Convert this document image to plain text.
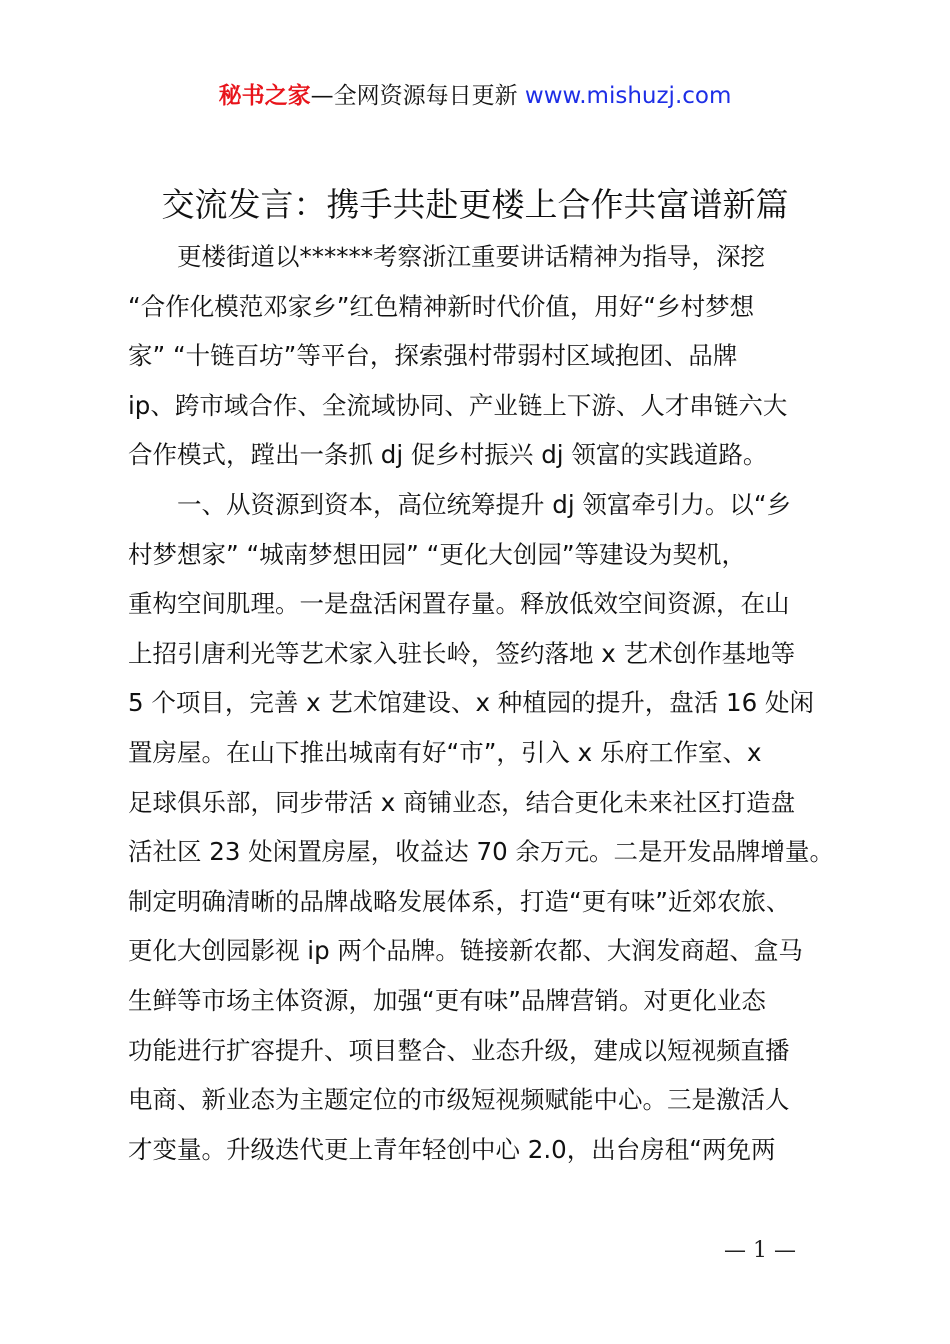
秘书之家—全网资源每日更新 www.mishuzj.com
交流发言：携手共赴更楼上合作共富谱新篇
更楼街道以******考察浙江重要讲话精神为指导，深挖
“合作化模范邓家乡”红色精神新时代价值，用好“乡村梦想
家” “十链百坊”等平台，探索强村带弱村区域抱团、品牌
ip、跨市域合作、全流域协同、产业链上下游、人才串链六大
合作模式，蹚出一条抓 dj 促乡村振兴 dj 领富的实践道路。
一、从资源到资本，高位统筹提升 dj 领富牵引力。以“乡
村梦想家” “城南梦想田园” “更化大创园”等建设为契机，
重构空间肌理。一是盘活闲置存量。释放低效空间资源，在山
上招引唐利光等艺术家入驻长岭，签约落地 x 艺术创作基地等
5 个项目，完善 x 艺术馆建设、x 种植园的提升，盘活 16 处闲
置房屋。在山下推出城南有好“市”，引入 x 乐府工作室、x
足球俱乐部，同步带活 x 商铺业态，结合更化未来社区打造盘
活社区 23 处闲置房屋，收益达 70 余万元。二是开发品牌增量。
制定明确清晰的品牌战略发展体系，打造“更有味”近郊农旅、
更化大创园影视 ip 两个品牌。链接新农都、大润发商超、盒马
生鲜等市场主体资源，加强“更有味”品牌营销。对更化业态
功能进行扩容提升、项目整合、业态升级，建成以短视频直播
电商、新业态为主题定位的市级短视频赋能中心。三是激活人
才变量。升级迭代更上青年轻创中心 2.0，出台房租“两免两
— 1 —
